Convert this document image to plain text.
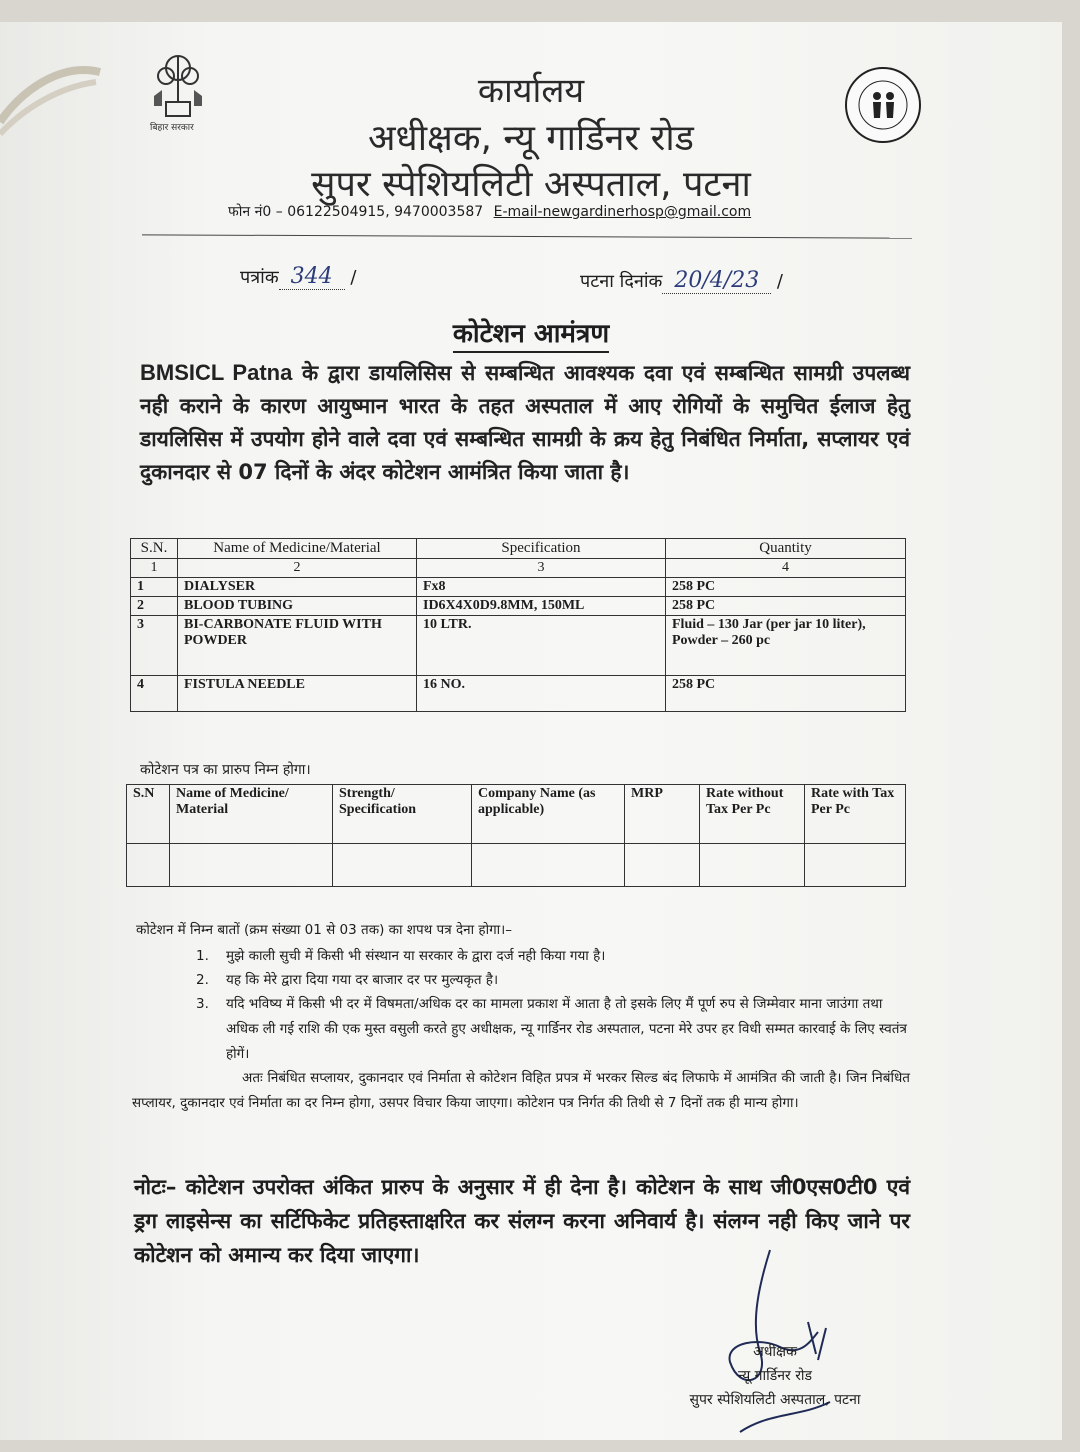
बिहार सरकार
कार्यालय
अधीक्षक, न्यू गार्डिनर रोड
सुपर स्पेशियलिटी अस्पताल, पटना
फोन नं0 – 06122504915, 9470003587 E-mail-newgardinerhosp@gmail.com
पत्रांक 344 /	पटना दिनांक 20/4/23 /
कोटेशन आमंत्रण
BMSICL Patna के द्वारा डायलिसिस से सम्बन्धित आवश्यक दवा एवं सम्बन्धित सामग्री उपलब्ध नही कराने के कारण आयुष्मान भारत के तहत अस्पताल में आए रोगियों के समुचित ईलाज हेतु डायलिसिस में उपयोग होने वाले दवा एवं सम्बन्धित सामग्री के क्रय हेतु निबंधित निर्माता, सप्लायर एवं दुकानदार से 07 दिनों के अंदर कोटेशन आमंत्रित किया जाता है।
S.N.	Name of Medicine/Material	Specification	Quantity
1	2	3	4
1	DIALYSER	Fx8	258 PC
2	BLOOD TUBING	ID6X4X0D9.8MM, 150ML	258 PC
3	BI-CARBONATE FLUID WITH POWDER	10 LTR.	Fluid – 130 Jar (per jar 10 liter), Powder – 260 pc
4	FISTULA NEEDLE	16 NO.	258 PC
कोटेशन पत्र का प्रारुप निम्न होगा।
S.N	Name of Medicine/ Material	Strength/ Specification	Company Name (as applicable)	MRP	Rate without Tax Per Pc	Rate with Tax Per Pc

कोटेशन में निम्न बातों (क्रम संख्या 01 से 03 तक) का शपथ पत्र देना होगा।–
1. मुझे काली सुची में किसी भी संस्थान या सरकार के द्वारा दर्ज नही किया गया है।
2. यह कि मेरे द्वारा दिया गया दर बाजार दर पर मुल्यकृत है।
3. यदि भविष्य में किसी भी दर में विषमता/अधिक दर का मामला प्रकाश में आता है तो इसके लिए मैं पूर्ण रुप से जिम्मेवार माना जाउंगा तथा अधिक ली गई राशि की एक मुस्त वसुली करते हुए अधीक्षक, न्यू गार्डिनर रोड अस्पताल, पटना मेरे उपर हर विधी सम्मत कारवाई के लिए स्वतंत्र होगें।
अतः निबंधित सप्लायर, दुकानदार एवं निर्माता से कोटेशन विहित प्रपत्र में भरकर सिल्ड बंद लिफाफे में आमंत्रित की जाती है। जिन निबंधित सप्लायर, दुकानदार एवं निर्माता का दर निम्न होगा, उसपर विचार किया जाएगा। कोटेशन पत्र निर्गत की तिथी से 7 दिनों तक ही मान्य होगा।
नोटः– कोटेशन उपरोक्त अंकित प्रारुप के अनुसार में ही देना है। कोटेशन के साथ जी0एस0टी0 एवं ड्रग लाइसेन्स का सर्टिफिकेट प्रतिहस्ताक्षरित कर संलग्न करना अनिवार्य है। संलग्न नही किए जाने पर कोटेशन को अमान्य कर दिया जाएगा।
अधीक्षक
न्यू गार्डिनर रोड
सुपर स्पेशियलिटी अस्पताल, पटना
